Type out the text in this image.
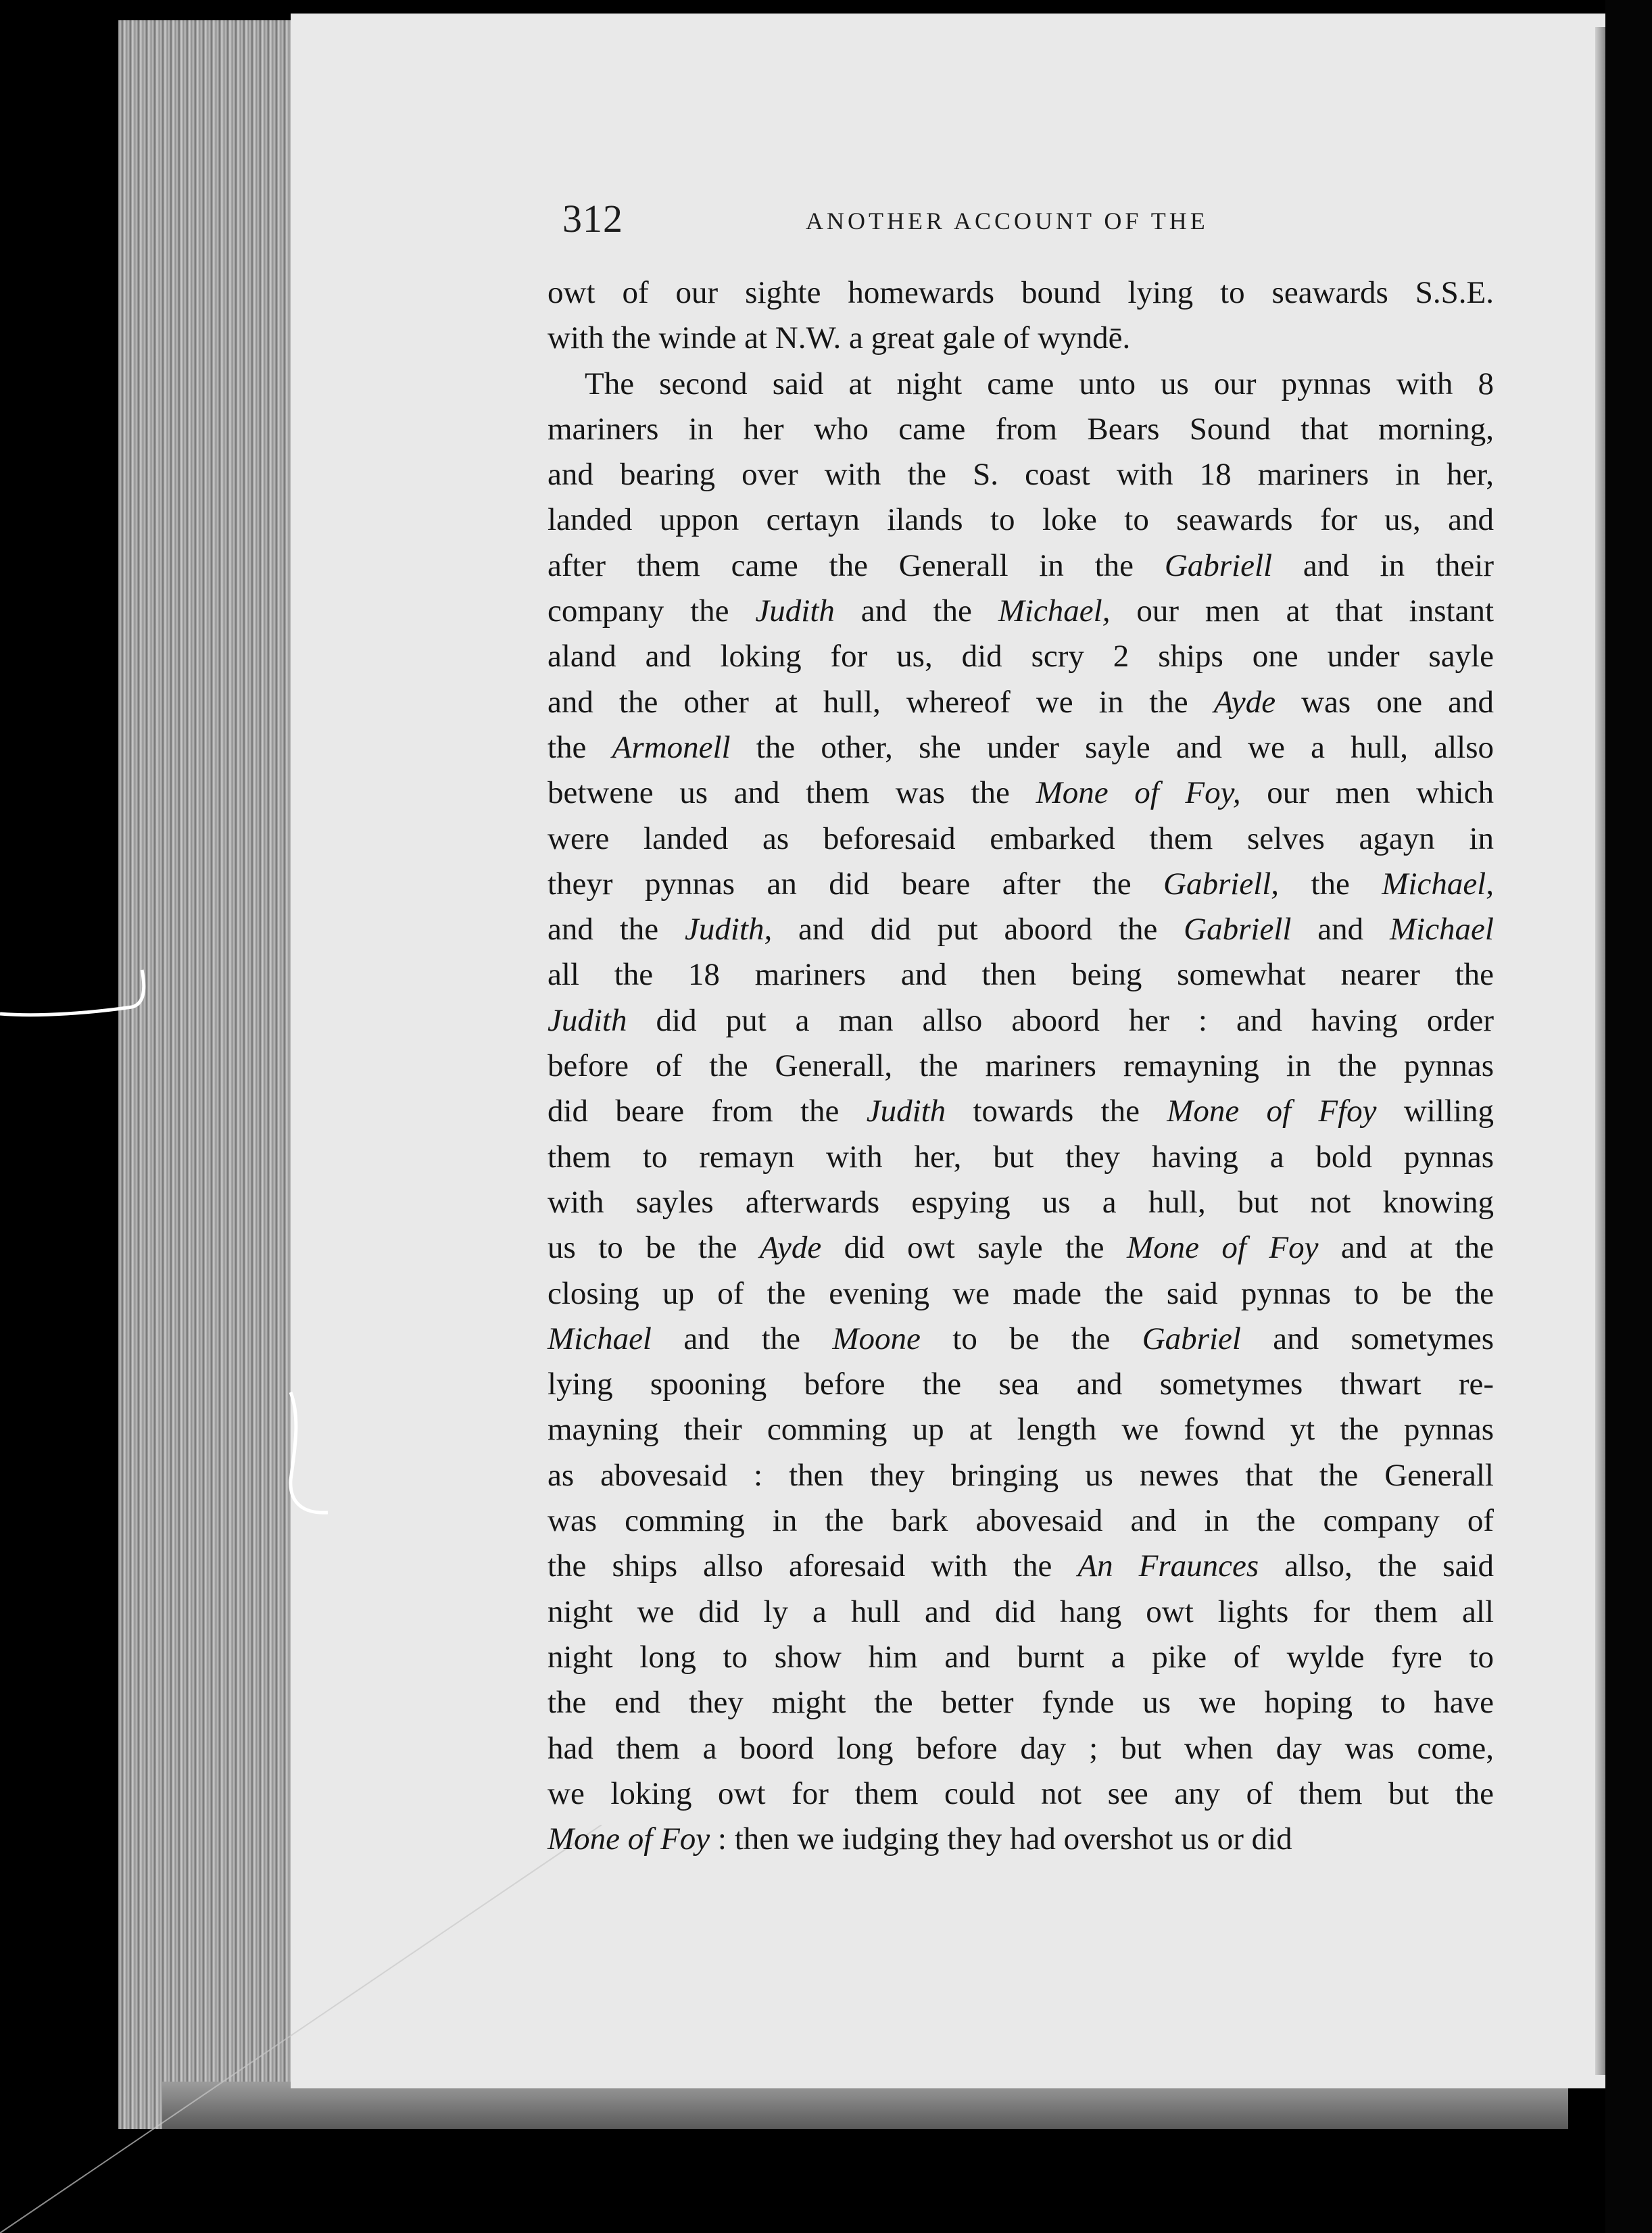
312	ANOTHER ACCOUNT OF THE
owt of our sighte homewards bound lying to seawards S.S.E.
with the winde at N.W. a great gale of wyndē.
The second said at night came unto us our pynnas with 8
mariners in her who came from Bears Sound that morning,
and bearing over with the S. coast with 18 mariners in her,
landed uppon certayn ilands to loke to seawards for us, and
after them came the Generall in the Gabriell and in their
company the Judith and the Michael, our men at that instant
aland and loking for us, did scry 2 ships one under sayle
and the other at hull, whereof we in the Ayde was one and
the Armonell the other, she under sayle and we a hull, allso
betwene us and them was the Mone of Foy, our men which
were landed as beforesaid embarked them selves agayn in
theyr pynnas an did beare after the Gabriell, the Michael,
and the Judith, and did put aboord the Gabriell and Michael
all the 18 mariners and then being somewhat nearer the
Judith did put a man allso aboord her : and having order
before of the Generall, the mariners remayning in the pynnas
did beare from the Judith towards the Mone of Ffoy willing
them to remayn with her, but they having a bold pynnas
with sayles afterwards espying us a hull, but not knowing
us to be the Ayde did owt sayle the Mone of Foy and at the
closing up of the evening we made the said pynnas to be the
Michael and the Moone to be the Gabriel and sometymes
lying spooning before the sea and sometymes thwart re-
mayning their comming up at length we fownd yt the pynnas
as abovesaid : then they bringing us newes that the Generall
was comming in the bark abovesaid and in the company of
the ships allso aforesaid with the An Fraunces allso, the said
night we did ly a hull and did hang owt lights for them all
night long to show him and burnt a pike of wylde fyre to
the end they might the better fynde us we hoping to have
had them a boord long before day ; but when day was come,
we loking owt for them could not see any of them but the
Mone of Foy : then we iudging they had overshot us or did
